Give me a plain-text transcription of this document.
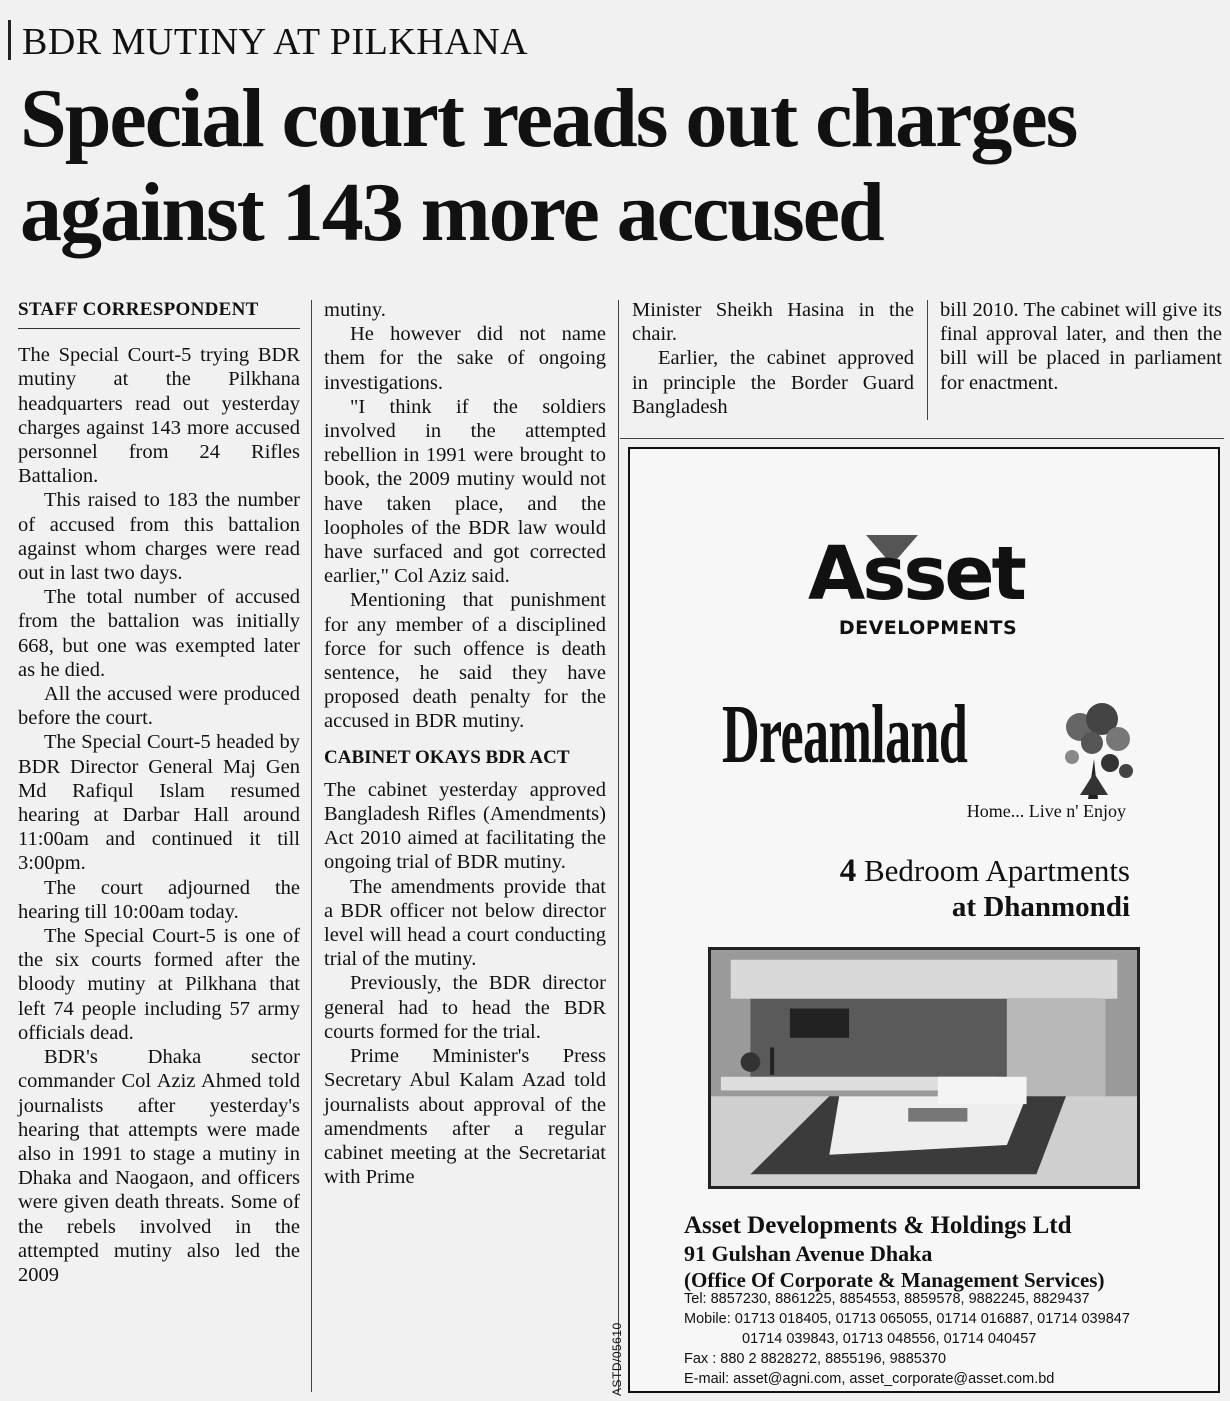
BDR MUTINY AT PILKHANA
Special court reads out charges
against 143 more accused
STAFF CORRESPONDENT

The Special Court-5 trying BDR mutiny at the Pilkhana headquarters read out yesterday charges against 143 more accused personnel from 24 Rifles Battalion.

This raised to 183 the number of accused from this battalion against whom charges were read out in last two days.

The total number of accused from the battalion was initially 668, but one was exempted later as he died.

All the accused were produced before the court.

The Special Court-5 headed by BDR Director General Maj Gen Md Rafiqul Islam resumed hearing at Darbar Hall around 11:00am and continued it till 3:00pm.

The court adjourned the hearing till 10:00am today.

The Special Court-5 is one of the six courts formed after the bloody mutiny at Pilkhana that left 74 people including 57 army officials dead.

BDR's Dhaka sector commander Col Aziz Ahmed told journalists after yesterday's hearing that attempts were made also in 1991 to stage a mutiny in Dhaka and Naogaon, and officers were given death threats. Some of the rebels involved in the attempted mutiny also led the 2009

mutiny.

He however did not name them for the sake of ongoing investigations.

"I think if the soldiers involved in the attempted rebellion in 1991 were brought to book, the 2009 mutiny would not have taken place, and the loopholes of the BDR law would have surfaced and got corrected earlier," Col Aziz said.

Mentioning that punishment for any member of a disciplined force for such offence is death sentence, he said they have proposed death penalty for the accused in BDR mutiny.

CABINET OKAYS BDR ACT

The cabinet yesterday approved Bangladesh Rifles (Amendments) Act 2010 aimed at facilitating the ongoing trial of BDR mutiny.

The amendments provide that a BDR officer not below director level will head a court conducting trial of the mutiny.

Previously, the BDR director general had to head the BDR courts formed for the trial.

Prime Mminister's Press Secretary Abul Kalam Azad told journalists about approval of the amendments after a regular cabinet meeting at the Secretariat with Prime

ASTD/05610

Minister Sheikh Hasina in the chair.

Earlier, the cabinet approved in principle the Border Guard Bangladesh

bill 2010. The cabinet will give its final approval later, and then the bill will be placed in parliament for enactment.

Asset
DEVELOPMENTS
Dreamland
Home... Live n' Enjoy
4 Bedroom Apartments
at Dhanmondi
Asset Developments & Holdings Ltd
91 Gulshan Avenue Dhaka
(Office Of Corporate & Management Services)
Tel: 8857230, 8861225, 8854553, 8859578, 9882245, 8829437
Mobile: 01713 018405, 01713 065055, 01714 016887, 01714 039847
01714 039843, 01713 048556, 01714 040457
Fax : 880 2 8828272, 8855196, 9885370
E-mail: asset@agni.com, asset_corporate@asset.com.bd
